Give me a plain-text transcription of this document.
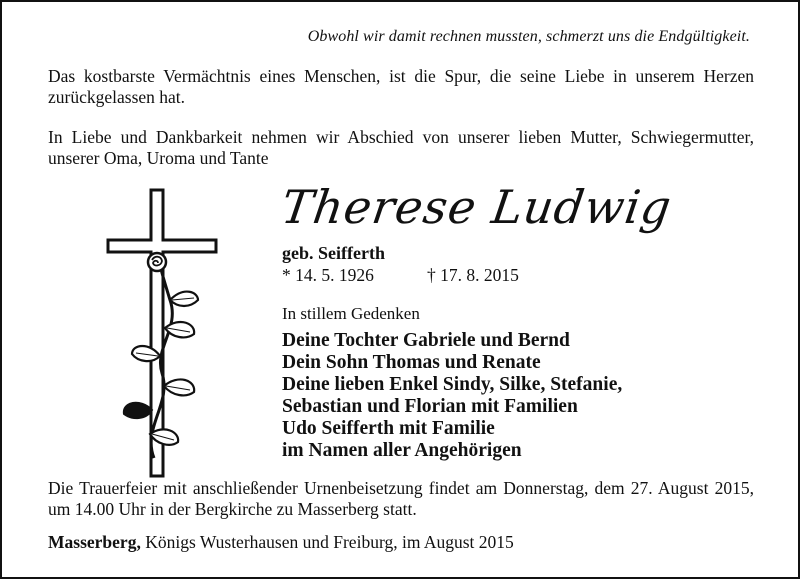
Obwohl wir damit rechnen mussten, schmerzt uns die Endgültigkeit.
Das kostbarste Vermächtnis eines Menschen, ist die Spur, die seine Liebe in unserem Herzen zurückgelassen hat.
In Liebe und Dankbarkeit nehmen wir Abschied von unserer lieben Mutter, Schwiegermutter, unserer Oma, Uroma und Tante
Therese Ludwig
geb. Seifferth
* 14. 5. 1926	† 17. 8. 2015
In stillem Gedenken
Deine Tochter Gabriele und Bernd
Dein Sohn Thomas und Renate
Deine lieben Enkel Sindy, Silke, Stefanie,
Sebastian und Florian mit Familien
Udo Seifferth mit Familie
im Namen aller Angehörigen
Die Trauerfeier mit anschließender Urnenbeisetzung findet am Donnerstag, dem 27. August 2015, um 14.00 Uhr in der Bergkirche zu Masserberg statt.
Masserberg, Königs Wusterhausen und Freiburg, im August 2015
